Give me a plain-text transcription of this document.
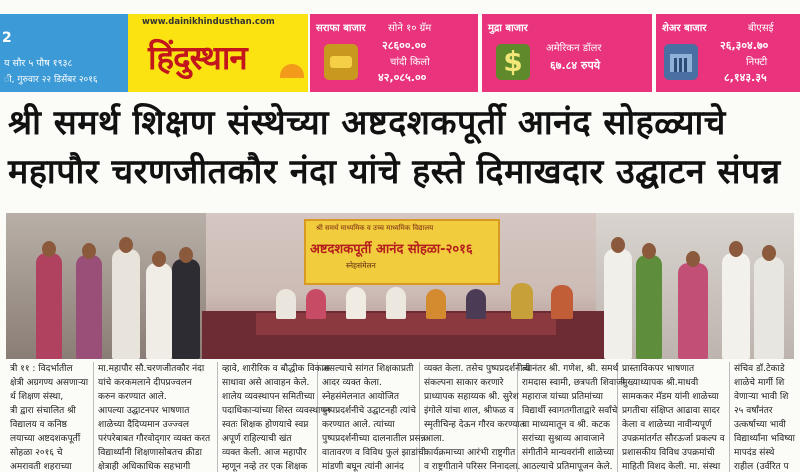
2
य सौर ५ पौष १९३८
ी, गुरुवार २२ डिसेंबर २०१६
www.dainikhindusthan.com
हिंदुस्थान
सराफा बाजार सोने १० ग्रॅम
२८६००.००
चांदी किलो
४२,०८५.००
मुद्रा बाजार
$	अमेरिकन डॉलर
६७.८४ रुपये
शेअर बाजार	बीएसई
२६,३०४.७०
निफ्टी
८,१४३.३५
श्री समर्थ शिक्षण संस्थेच्या अष्टदशकपूर्ती आनंद सोहळ्याचे
महापौर चरणजीतकौर नंदा यांचे हस्ते दिमाखदार उद्घाटन संपन्न
श्री समर्थ माध्यमिक व उच्च माध्यमिक विद्यालय
अष्टदशकपूर्ती आनंद सोहळा-२०१६
स्नेहसंमेलन

त्री ११ : विदर्भातील

क्षेत्री अग्रगण्य असणाऱ्या

र्थ शिक्षण संस्था,

त्री द्वारा संचालित श्री

विद्यालय व कनिष्ठ

लयाच्या अष्टदशकपूर्ती

सोहळा २०१६ चे

अमरावती शहराच्या

मा.महापौर सौ.चरणजीतकौर नंदा

यांचे करकमलाने दीपप्रज्वलन

करुन करण्यात आले.

आपल्या उद्घाटनपर भाषणात

शाळेच्या दैदिप्यमान उज्ज्वल

परंपरेबाबत गौरवोद्‍गार व्यक्त करत

विद्यार्थ्यांनी शिक्षणासोबतच क्रीडा

क्षेत्राही अधिकाधिक सहभागी

व्हावे, शारीरिक व बौद्धीक विकास

साधावा असे आवाहन केले.

शालेय व्यवस्थापन समितीच्या

पदाधिकाऱ्यांच्या शिस्त व्यवस्थापन

स्वतः शिक्षक होणयाचे स्वप्न

अपूर्ण राहिल्याची खंत

व्यक्त केली. आज महापौर

म्हणून नव्हे तर एक शिक्षक

असल्याचे सांगत शिक्षकाप्रती

आदर व्यक्त केला.

स्नेहसंमेलनात आयोजित

पुष्पप्रदर्शनीचे उद्घाटनही त्यांचे

करण्यात आले. त्यांच्या

पुष्पप्रदर्शनीच्या दालनातील प्रसन्न

वातावरण व विविध फुलं झाडांची

मांडणी बघून त्यांनी आनंद

व्यक्त केला. तसेच पुष्पप्रदर्शनीची

संकल्पना साकार करणारे

प्राध्यापक सहाय्यक श्री. सुरेश

इंगोले यांचा शाल, श्रीफळ व

स्मृतीचिन्ह देऊन गौरव करण्यात

आला.

कार्यक्रमाच्या आरंभी राष्ट्रगीत

व राष्ट्रगीताने परिसर निनादला.

त्यानंतर श्री. गणेश, श्री. समर्थ

रामदास स्वामी, छत्रपती शिवाजी

महाराज यांच्या प्रतिमांच्या

विद्यार्थी स्वागतगीताद्वारे सर्वांचे

वा माध्यमातून व श्री. कटक

सरांच्या सुश्राव्य आवाजाने

संगीतीने मान्यवरांनी शाळेच्या

आठल्याचे प्रतिमापूजन केले.

प्रास्ताविकपर भाषणात

मुख्याध्यापक श्री.माधवी

सामककर मॅडम यांनी शाळेच्या

प्रगतीचा संक्षिप्त आढावा सादर

केला व शाळेच्या नावीन्यपूर्ण

उपक्रमांतर्गत सौरऊर्जा प्रकल्प व

प्रशासकीय विविध उपक्रमांची

माहिती विशद केली. मा. संस्था

संचिव डॉ.टेकाडे

शाळेचे मार्गी शि

वेणाऱ्या भावी शि

२५ वर्षांनंतर

उत्कर्षाच्या भावी

विद्यार्थ्यांना भविष्या

मापदंड संस्थे

राहील (उर्वरित प
